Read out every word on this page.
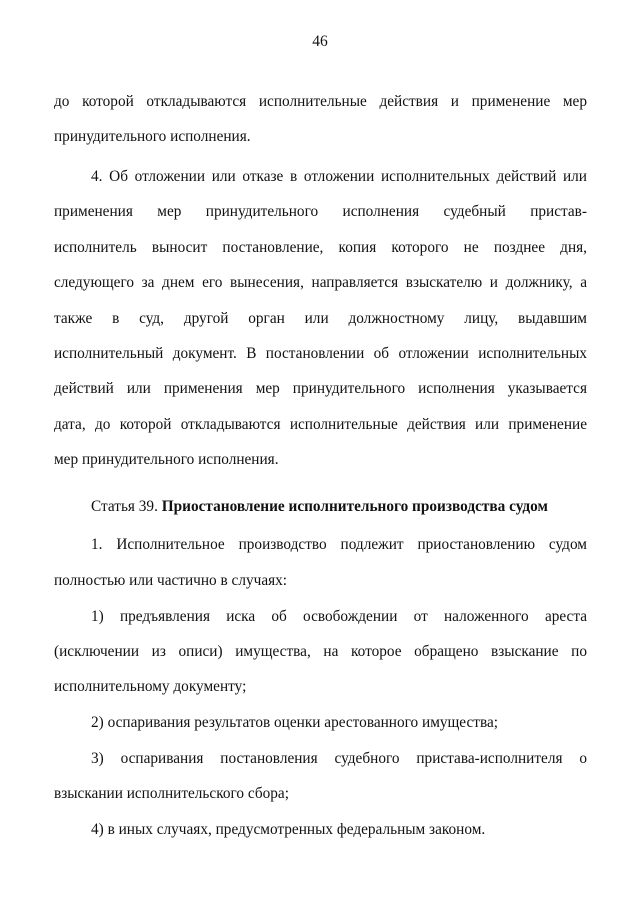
46
до которой откладываются исполнительные действия и применение мер
принудительного исполнения.
4. Об отложении или отказе в отложении исполнительных действий или
применения мер принудительного исполнения судебный пристав-
исполнитель выносит постановление, копия которого не позднее дня,
следующего за днем его вынесения, направляется взыскателю и должнику, а
также в суд, другой орган или должностному лицу, выдавшим
исполнительный документ. В постановлении об отложении исполнительных
действий или применения мер принудительного исполнения указывается
дата, до которой откладываются исполнительные действия или применение
мер принудительного исполнения.
Статья 39. Приостановление исполнительного производства судом
1. Исполнительное производство подлежит приостановлению судом
полностью или частично в случаях:
1) предъявления иска об освобождении от наложенного ареста
(исключении из описи) имущества, на которое обращено взыскание по
исполнительному документу;
2) оспаривания результатов оценки арестованного имущества;
3) оспаривания постановления судебного пристава-исполнителя о
взыскании исполнительского сбора;
4) в иных случаях, предусмотренных федеральным законом.
